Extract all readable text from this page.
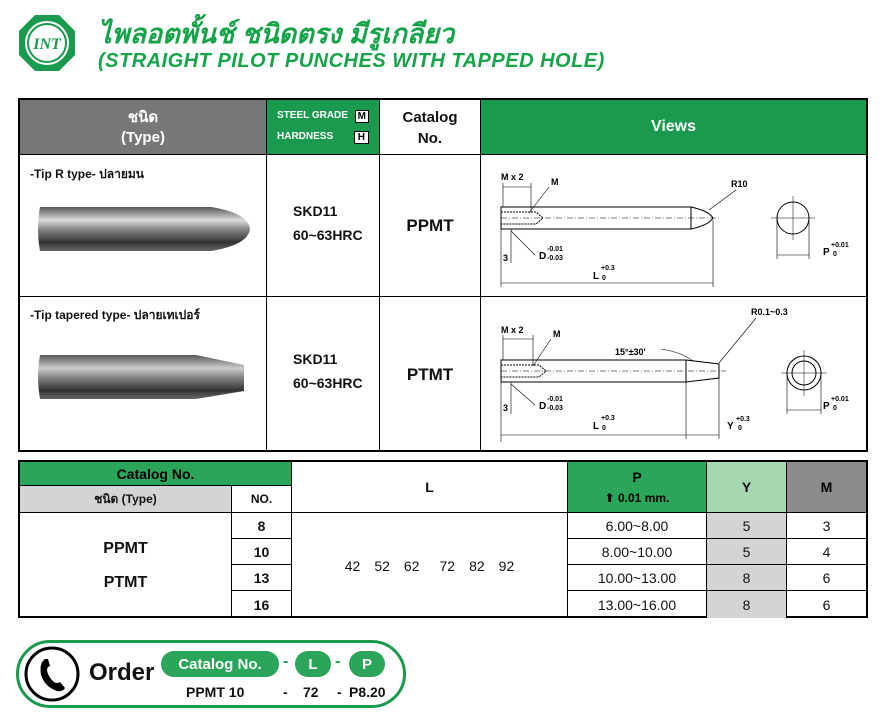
INT ไพลอตพั้นช์ ชนิดตรง มีรูเกลียว
(STRAIGHT PILOT PUNCHES WITH TAPPED HOLE)
ชนิด
(Type)
STEEL GRADE M
HARDNESS	H
Catalog
No.
Views
-Tip R type- ปลายมน
SKD11
60~63HRC
PPMT
M x 2	M	R10
3	D
-0.01
-0.03
L
+0.3
0
P
+0.01
0
-Tip tapered type- ปลายเทเปอร์
SKD11
60~63HRC	PTMT
M x 2	M
R0.1~0.3
15°±30'
3	D
-0.01
-0.03
L
+0.3
0	Y
+0.3
0
P
+0.01
0
Catalog No.
ชนิด (Type)	NO.
L
P
⬆ 0.01 mm.
Y	M
PPMT
PTMT
42 52 62 72 82 92
8	6.00~8.00	5	3
10	8.00~10.00	5	4
13	10.00~13.00	8	6
16	13.00~16.00	8	6
Order	Catalog No.	-	L	-	P
PPMT 10	- 72 - P8.20
